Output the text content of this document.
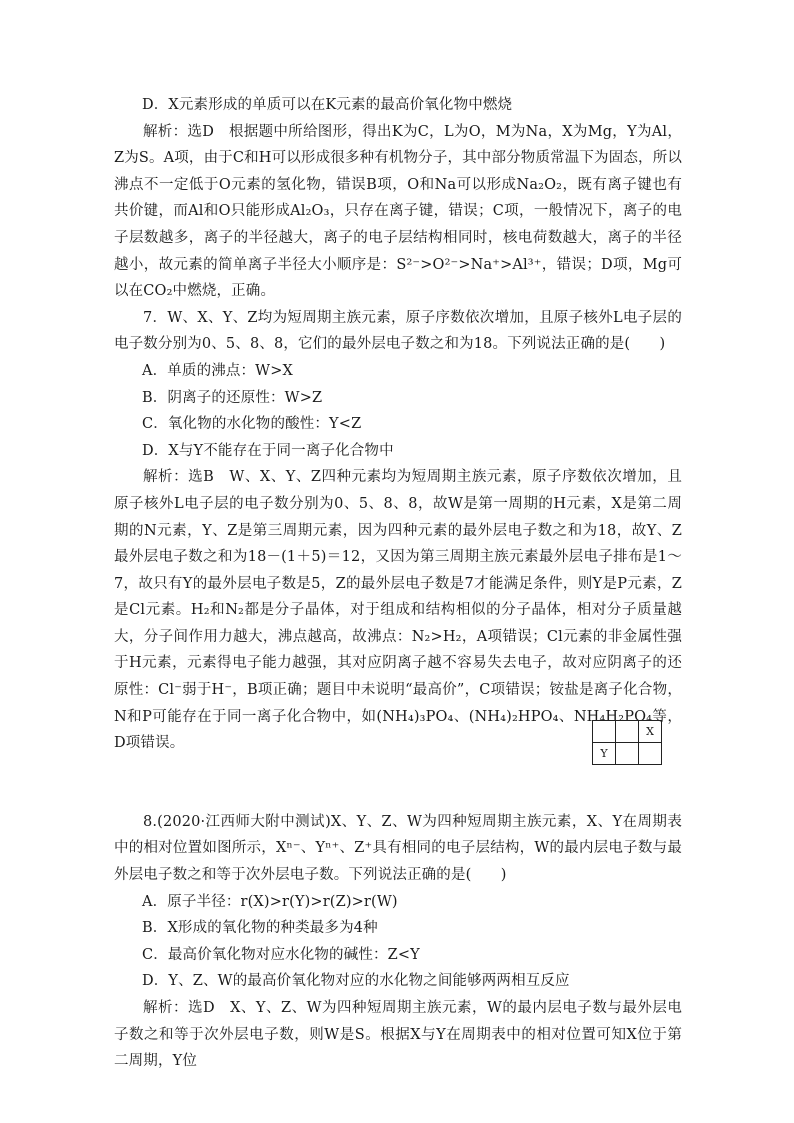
D．X元素形成的单质可以在K元素的最高价氧化物中燃烧

解析：选D　根据题中所给图形，得出K为C，L为O，M为Na，X为Mg，Y为Al，Z为S。A项，由于C和H可以形成很多种有机物分子，其中部分物质常温下为固态，所以沸点不一定低于O元素的氢化物，错误B项，O和Na可以形成Na₂O₂，既有离子键也有共价键，而Al和O只能形成Al₂O₃，只存在离子键，错误；C项，一般情况下，离子的电子层数越多，离子的半径越大，离子的电子层结构相同时，核电荷数越大，离子的半径越小，故元素的简单离子半径大小顺序是：S²⁻>O²⁻>Na⁺>Al³⁺，错误；D项，Mg可以在CO₂中燃烧，正确。

7．W、X、Y、Z均为短周期主族元素，原子序数依次增加，且原子核外L电子层的电子数分别为0、5、8、8，它们的最外层电子数之和为18。下列说法正确的是(　　)

A．单质的沸点：W>X

B．阴离子的还原性：W>Z

C．氧化物的水化物的酸性：Y<Z

D．X与Y不能存在于同一离子化合物中

解析：选B　W、X、Y、Z四种元素均为短周期主族元素，原子序数依次增加，且原子核外L电子层的电子数分别为0、5、8、8，故W是第一周期的H元素，X是第二周期的N元素，Y、Z是第三周期元素，因为四种元素的最外层电子数之和为18，故Y、Z最外层电子数之和为18－(1＋5)＝12，又因为第三周期主族元素最外层电子排布是1～7，故只有Y的最外层电子数是5，Z的最外层电子数是7才能满足条件，则Y是P元素，Z是Cl元素。H₂和N₂都是分子晶体，对于组成和结构相似的分子晶体，相对分子质量越大，分子间作用力越大，沸点越高，故沸点：N₂>H₂，A项错误；Cl元素的非金属性强于H元素，元素得电子能力越强，其对应阴离子越不容易失去电子，故对应阴离子的还原性：Cl⁻弱于H⁻，B项正确；题目中未说明“最高价”，C项错误；铵盐是离子化合物，N和P可能存在于同一离子化合物中，如(NH₄)₃PO₄、(NH₄)₂HPO₄、NH₄H₂PO₄等，D项错误。

8.(2020·江西师大附中测试)X、Y、Z、W为四种短周期主族元素，X、Y在周期表中的相对位置如图所示，Xⁿ⁻、Yⁿ⁺、Z⁺具有相同的电子层结构，W的最内层电子数与最外层电子数之和等于次外层电子数。下列说法正确的是(　　)

A．原子半径：r(X)>r(Y)>r(Z)>r(W)

B．X形成的氧化物的种类最多为4种

C．最高价氧化物对应水化物的碱性：Z<Y

D．Y、Z、W的最高价氧化物对应的水化物之间能够两两相互反应

解析：选D　X、Y、Z、W为四种短周期主族元素，W的最内层电子数与最外层电子数之和等于次外层电子数，则W是S。根据X与Y在周期表中的相对位置可知X位于第二周期，Y位

		X
Y		
